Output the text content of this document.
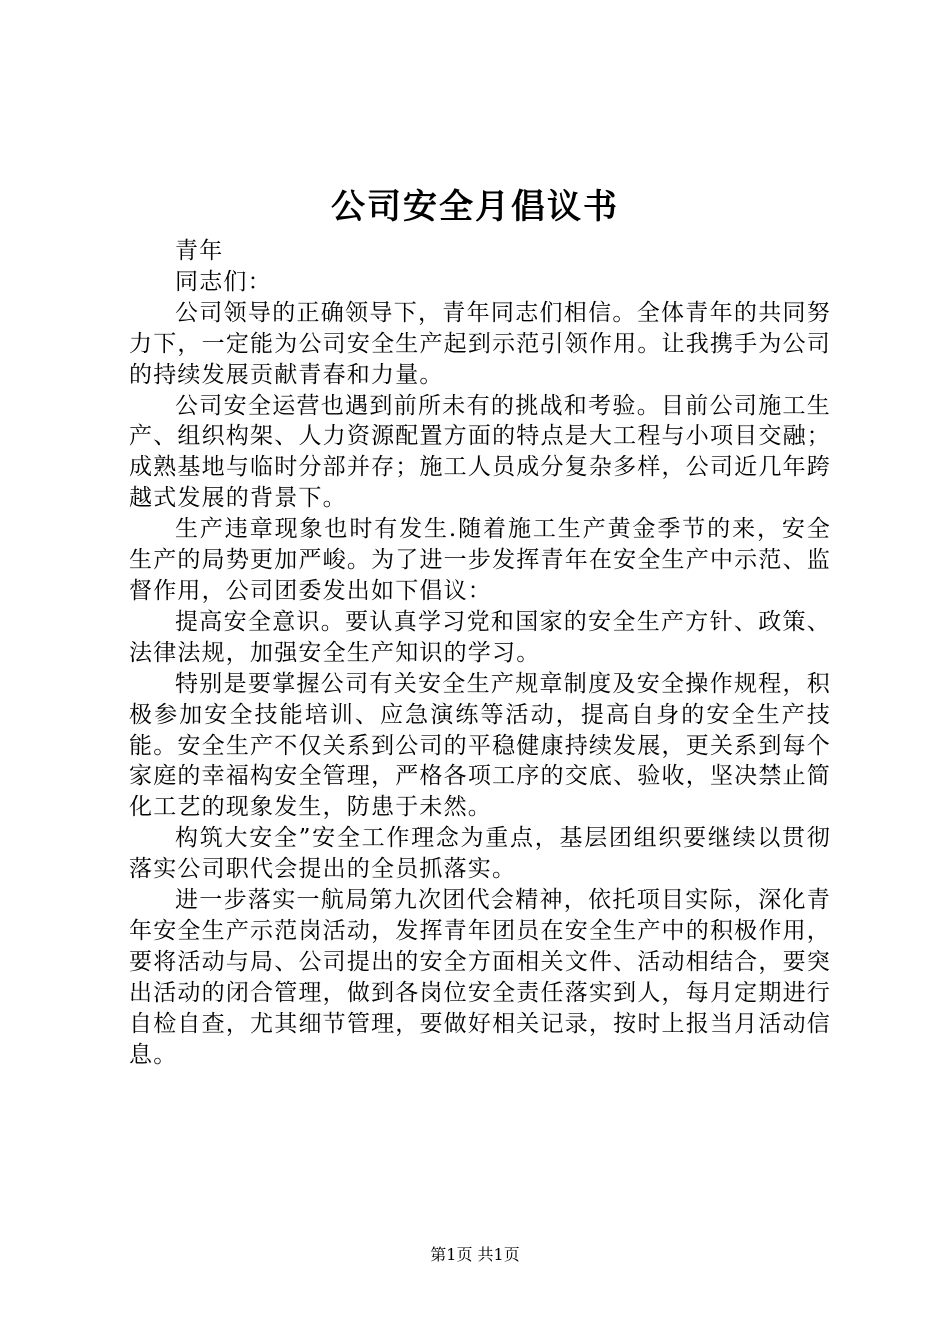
公司安全月倡议书

青年

同志们：

公司领导的正确领导下，青年同志们相信。全体青年的共同努力下，一定能为公司安全生产起到示范引领作用。让我携手为公司的持续发展贡献青春和力量。

公司安全运营也遇到前所未有的挑战和考验。目前公司施工生产、组织构架、人力资源配置方面的特点是大工程与小项目交融；成熟基地与临时分部并存；施工人员成分复杂多样，公司近几年跨越式发展的背景下。

生产违章现象也时有发生.随着施工生产黄金季节的来，安全生产的局势更加严峻。为了进一步发挥青年在安全生产中示范、监督作用，公司团委发出如下倡议：

提高安全意识。要认真学习党和国家的安全生产方针、政策、法律法规，加强安全生产知识的学习。

特别是要掌握公司有关安全生产规章制度及安全操作规程，积极参加安全技能培训、应急演练等活动，提高自身的安全生产技能。安全生产不仅关系到公司的平稳健康持续发展，更关系到每个家庭的幸福构安全管理，严格各项工序的交底、验收，坚决禁止简化工艺的现象发生，防患于未然。

构筑大安全”安全工作理念为重点，基层团组织要继续以贯彻落实公司职代会提出的全员抓落实。

进一步落实一航局第九次团代会精神，依托项目实际，深化青年安全生产示范岗活动，发挥青年团员在安全生产中的积极作用，要将活动与局、公司提出的安全方面相关文件、活动相结合，要突出活动的闭合管理，做到各岗位安全责任落实到人，每月定期进行自检自查，尤其细节管理，要做好相关记录，按时上报当月活动信息。

第1页 共1页
